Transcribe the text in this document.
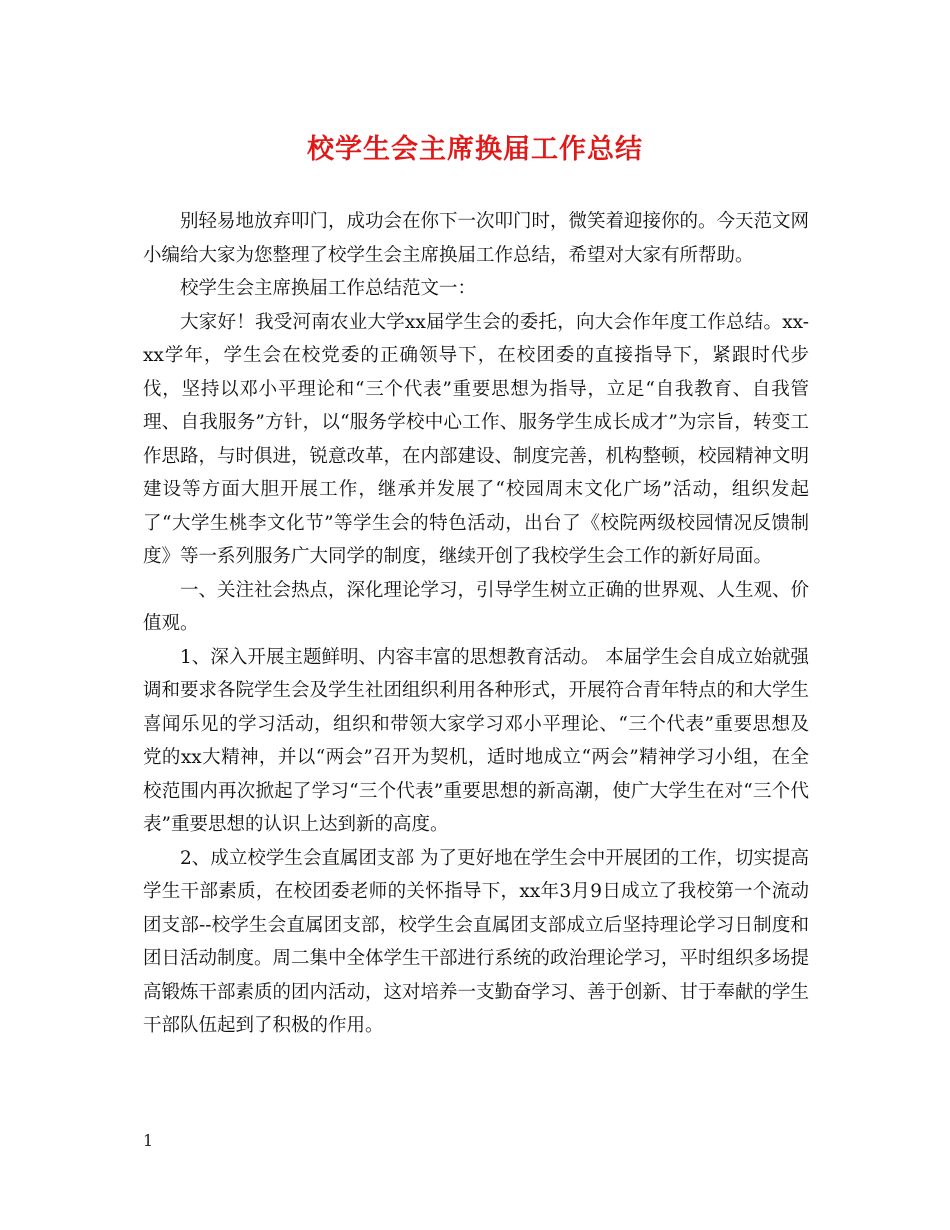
校学生会主席换届工作总结

别轻易地放弃叩门，成功会在你下一次叩门时，微笑着迎接你的。今天范文网小编给大家为您整理了校学生会主席换届工作总结，希望对大家有所帮助。

校学生会主席换届工作总结范文一：

大家好！我受河南农业大学xx届学生会的委托，向大会作年度工作总结。xx-xx学年，学生会在校党委的正确领导下，在校团委的直接指导下，紧跟时代步伐，坚持以邓小平理论和“三个代表”重要思想为指导，立足“自我教育、自我管理、自我服务”方针，以“服务学校中心工作、服务学生成长成才”为宗旨，转变工作思路，与时俱进，锐意改革，在内部建设、制度完善，机构整顿，校园精神文明建设等方面大胆开展工作，继承并发展了“校园周末文化广场”活动，组织发起了“大学生桃李文化节”等学生会的特色活动，出台了《校院两级校园情况反馈制度》等一系列服务广大同学的制度，继续开创了我校学生会工作的新好局面。

一、关注社会热点，深化理论学习，引导学生树立正确的世界观、人生观、价值观。

1、深入开展主题鲜明、内容丰富的思想教育活动。 本届学生会自成立始就强调和要求各院学生会及学生社团组织利用各种形式，开展符合青年特点的和大学生喜闻乐见的学习活动，组织和带领大家学习邓小平理论、“三个代表”重要思想及党的xx大精神，并以“两会”召开为契机，适时地成立“两会”精神学习小组，在全校范围内再次掀起了学习“三个代表”重要思想的新高潮，使广大学生在对“三个代表”重要思想的认识上达到新的高度。

2、成立校学生会直属团支部 为了更好地在学生会中开展团的工作，切实提高学生干部素质，在校团委老师的关怀指导下，xx年3月9日成立了我校第一个流动团支部--校学生会直属团支部，校学生会直属团支部成立后坚持理论学习日制度和团日活动制度。周二集中全体学生干部进行系统的政治理论学习，平时组织多场提高锻炼干部素质的团内活动，这对培养一支勤奋学习、善于创新、甘于奉献的学生干部队伍起到了积极的作用。

1
